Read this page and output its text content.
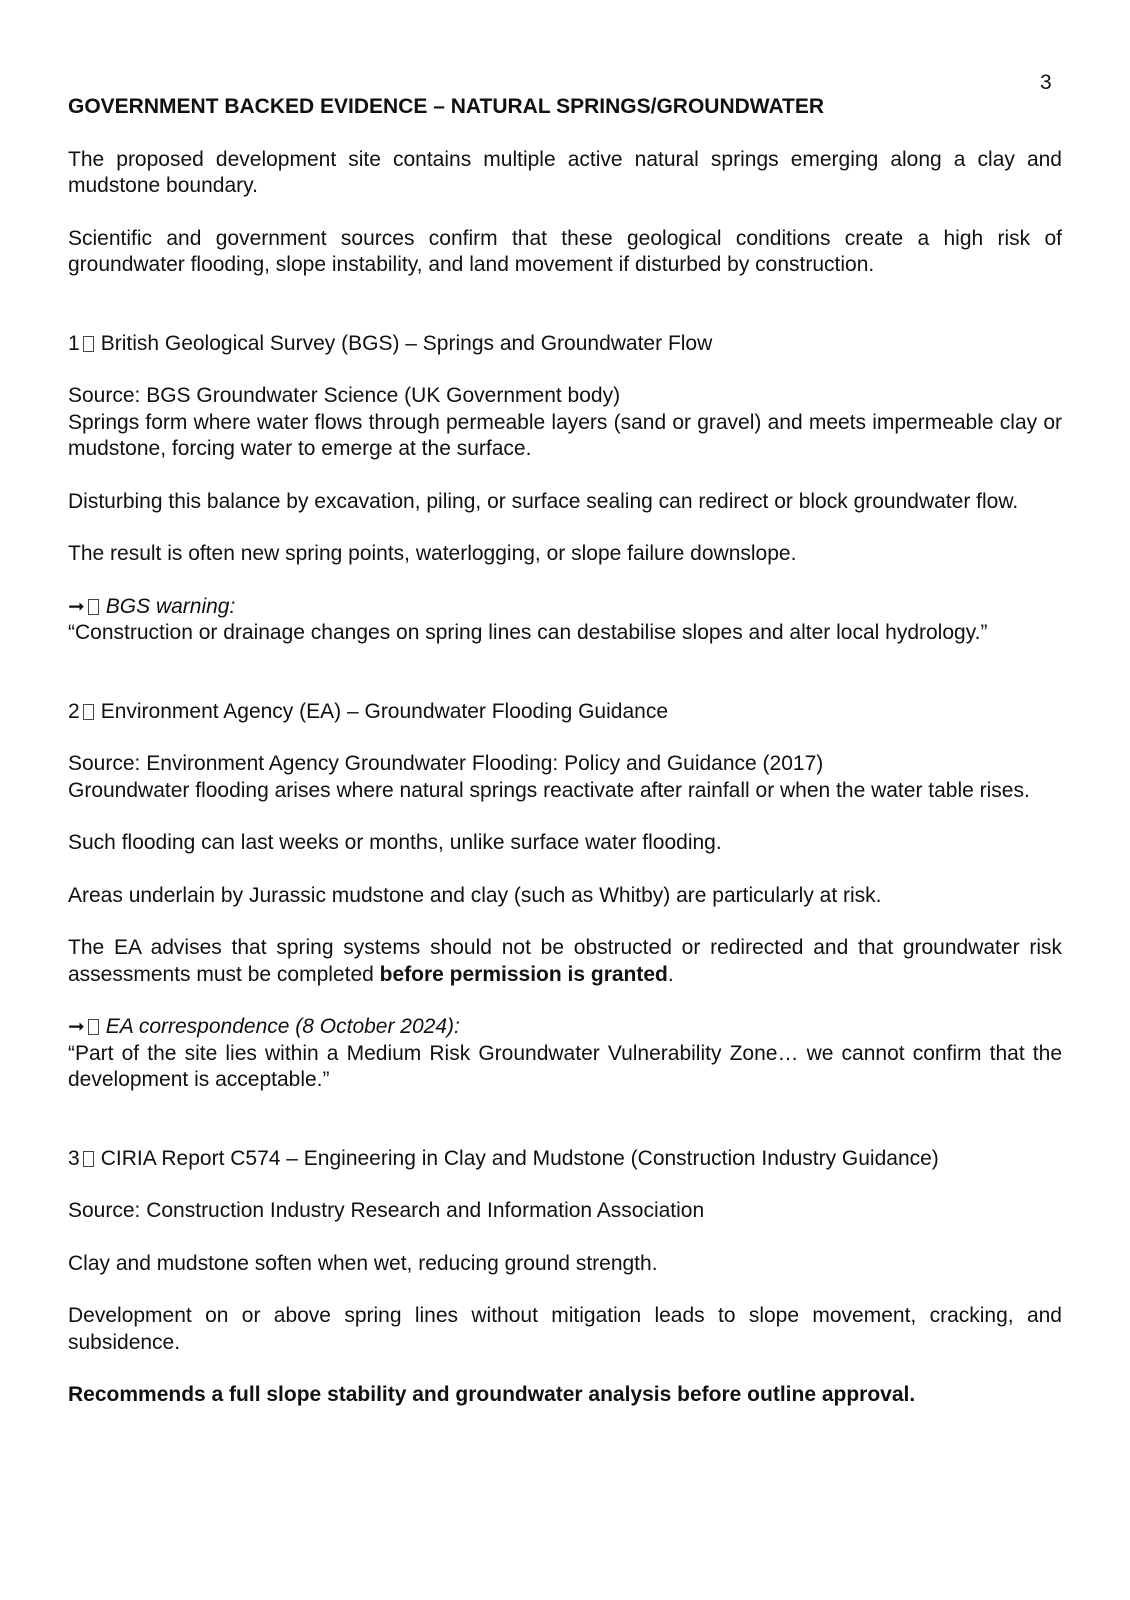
3
GOVERNMENT BACKED EVIDENCE – NATURAL SPRINGS/GROUNDWATER

The proposed development site contains multiple active natural springs emerging along a clay and mudstone boundary.

Scientific and government sources confirm that these geological conditions create a high risk of groundwater flooding, slope instability, and land movement if disturbed by construction.

1 British Geological Survey (BGS) – Springs and Groundwater Flow

Source: BGS Groundwater Science (UK Government body)
Springs form where water flows through permeable layers (sand or gravel) and meets impermeable clay or mudstone, forcing water to emerge at the surface.

Disturbing this balance by excavation, piling, or surface sealing can redirect or block groundwater flow.

The result is often new spring points, waterlogging, or slope failure downslope.

➞ BGS warning:
“Construction or drainage changes on spring lines can destabilise slopes and alter local hydrology.”

2 Environment Agency (EA) – Groundwater Flooding Guidance

Source: Environment Agency Groundwater Flooding: Policy and Guidance (2017)
Groundwater flooding arises where natural springs reactivate after rainfall or when the water table rises.

Such flooding can last weeks or months, unlike surface water flooding.

Areas underlain by Jurassic mudstone and clay (such as Whitby) are particularly at risk.

The EA advises that spring systems should not be obstructed or redirected and that groundwater risk assessments must be completed before permission is granted.

➞ EA correspondence (8 October 2024):
“Part of the site lies within a Medium Risk Groundwater Vulnerability Zone… we cannot confirm that the development is acceptable.”

3 CIRIA Report C574 – Engineering in Clay and Mudstone (Construction Industry Guidance)

Source: Construction Industry Research and Information Association

Clay and mudstone soften when wet, reducing ground strength.

Development on or above spring lines without mitigation leads to slope movement, cracking, and subsidence.

Recommends a full slope stability and groundwater analysis before outline approval.
